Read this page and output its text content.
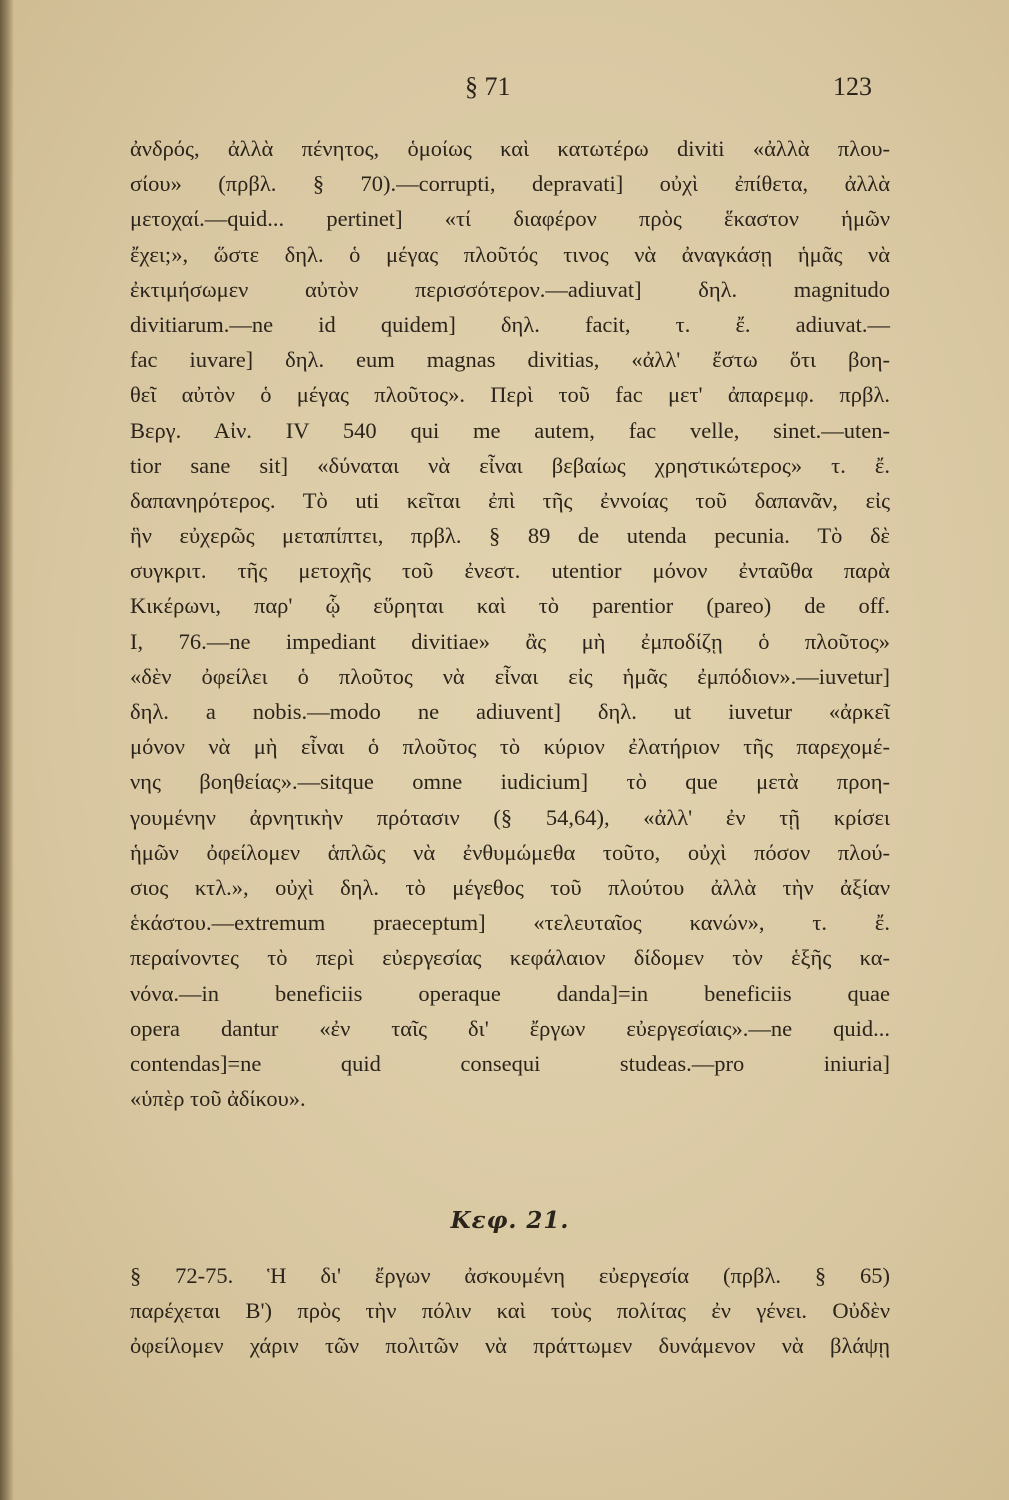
§ 71	123
ἀνδρός, ἀλλὰ πένητος, ὁμοίως καὶ κατωτέρω diviti «ἀλλὰ πλου-
σίου» (πρβλ. § 70).—corrupti, depravati] οὐχὶ ἐπίθετα, ἀλλὰ
μετοχαί.—quid... pertinet] «τί διαφέρον πρὸς ἕκαστον ἡμῶν
ἔχει;», ὥστε δηλ. ὁ μέγας πλοῦτός τινος νὰ ἀναγκάσῃ ἡμᾶς νὰ
ἐκτιμήσωμεν αὐτὸν περισσότερον.—adiuvat] δηλ. magnitudo
divitiarum.—ne id quidem] δηλ. facit, τ. ἔ. adiuvat.—
fac iuvare] δηλ. eum magnas divitias, «ἀλλ' ἔστω ὅτι βοη-
θεῖ αὐτὸν ὁ μέγας πλοῦτος». Περὶ τοῦ fac μετ' ἀπαρεμφ. πρβλ.
Βεργ. Αἰν. IV 540 qui me autem, fac velle, sinet.—uten-
tior sane sit] «δύναται νὰ εἶναι βεβαίως χρηστικώτερος» τ. ἔ.
δαπανηρότερος. Τὸ uti κεῖται ἐπὶ τῆς ἐννοίας τοῦ δαπανᾶν, εἰς
ἣν εὐχερῶς μεταπίπτει, πρβλ. § 89 de utenda pecunia. Τὸ δὲ
συγκριτ. τῆς μετοχῆς τοῦ ἐνεστ. utentior μόνον ἐνταῦθα παρὰ
Κικέρωνι, παρ' ᾧ εὕρηται καὶ τὸ parentior (pareo) de off.
I, 76.—ne impediant divitiae» ἂς μὴ ἐμποδίζῃ ὁ πλοῦτος»
«δὲν ὀφείλει ὁ πλοῦτος νὰ εἶναι εἰς ἡμᾶς ἐμπόδιον».—iuvetur]
δηλ. a nobis.—modo ne adiuvent] δηλ. ut iuvetur «ἀρκεῖ
μόνον νὰ μὴ εἶναι ὁ πλοῦτος τὸ κύριον ἐλατήριον τῆς παρεχομέ-
νης βοηθείας».—sitque omne iudicium] τὸ que μετὰ προη-
γουμένην ἀρνητικὴν πρότασιν (§ 54,64), «ἀλλ' ἐν τῇ κρίσει
ἡμῶν ὀφείλομεν ἁπλῶς νὰ ἐνθυμώμεθα τοῦτο, οὐχὶ πόσον πλού-
σιος κτλ.», οὐχὶ δηλ. τὸ μέγεθος τοῦ πλούτου ἀλλὰ τὴν ἀξίαν
ἑκάστου.—extremum praeceptum] «τελευταῖος κανών», τ. ἔ.
περαίνοντες τὸ περὶ εὐεργεσίας κεφάλαιον δίδομεν τὸν ἑξῆς κα-
νόνα.—in beneficiis operaque danda]=in beneficiis quae
opera dantur «ἐν ταῖς δι' ἔργων εὐεργεσίαις».—ne quid...
contendas]=ne quid consequi studeas.—pro iniuria]
«ὑπὲρ τοῦ ἀδίκου».
Κεφ. 21.
§ 72-75. Ἡ δι' ἔργων ἀσκουμένη εὐεργεσία (πρβλ. § 65)
παρέχεται Β') πρὸς τὴν πόλιν καὶ τοὺς πολίτας ἐν γένει. Οὐδὲν
ὀφείλομεν χάριν τῶν πολιτῶν νὰ πράττωμεν δυνάμενον νὰ βλάψῃ
